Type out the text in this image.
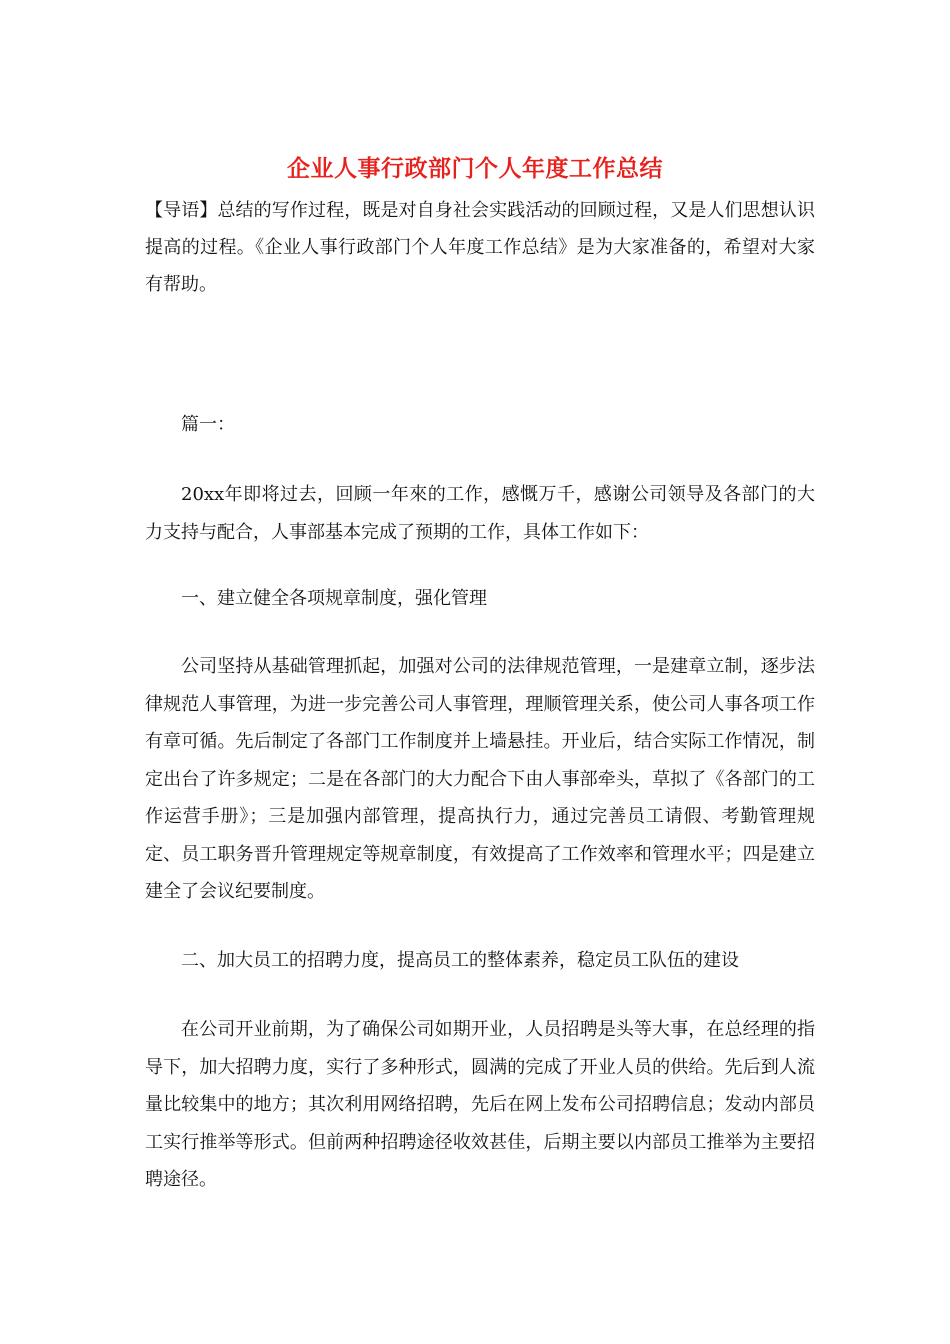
企业人事行政部门个人年度工作总结
【导语】总结的写作过程，既是对自身社会实践活动的回顾过程，又是人们思想认识提高的过程。《企业人事行政部门个人年度工作总结》是为大家准备的，希望对大家有帮助。
篇一：
20xx年即将过去，回顾一年來的工作，感慨万千，感谢公司领导及各部门的大力支持与配合，人事部基本完成了预期的工作，具体工作如下：
一、建立健全各项规章制度，强化管理
公司坚持从基础管理抓起，加强对公司的法律规范管理，一是建章立制，逐步法律规范人事管理，为进一步完善公司人事管理，理顺管理关系，使公司人事各项工作有章可循。先后制定了各部门工作制度并上墙悬挂。开业后，结合实际工作情况，制定出台了许多规定；二是在各部门的大力配合下由人事部牵头，草拟了《各部门的工作运营手册》；三是加强内部管理，提高执行力，通过完善员工请假、考勤管理规定、员工职务晋升管理规定等规章制度，有效提高了工作效率和管理水平；四是建立建全了会议纪要制度。
二、加大员工的招聘力度，提高员工的整体素养，稳定员工队伍的建设
在公司开业前期，为了确保公司如期开业，人员招聘是头等大事，在总经理的指导下，加大招聘力度，实行了多种形式，圆满的完成了开业人员的供给。先后到人流量比较集中的地方；其次利用网络招聘，先后在网上发布公司招聘信息；发动内部员工实行推举等形式。但前两种招聘途径收效甚佳，后期主要以内部员工推举为主要招聘途径。
